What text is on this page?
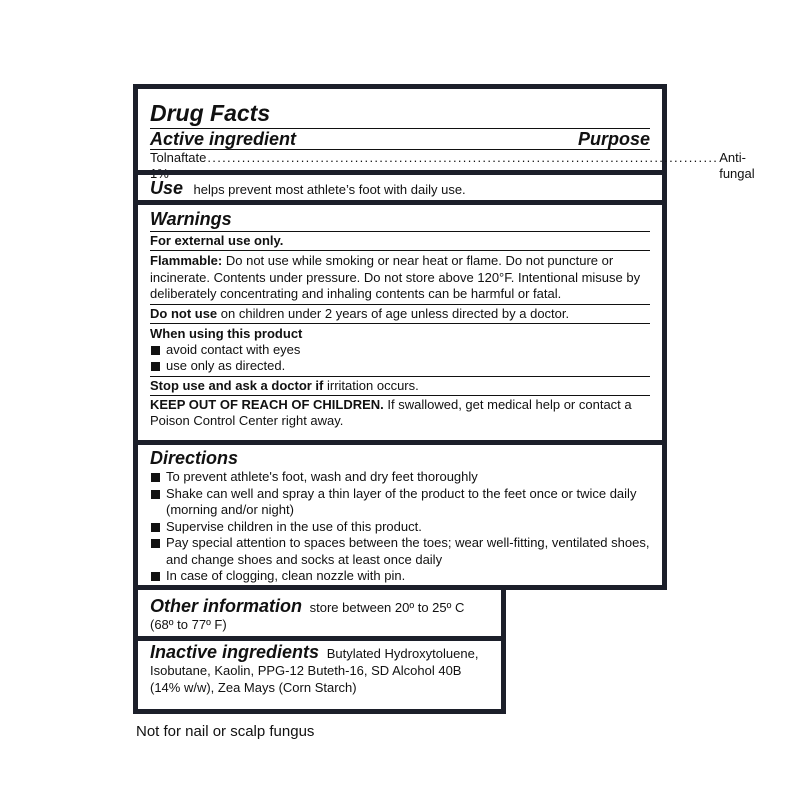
Drug Facts
Active ingredient	Purpose
Tolnaftate ........................................................................................................ Anti-fungal
Use helps prevent most athlete’s foot with daily use.
Warnings
For external use only.
Flammable: Do not use while smoking or near heat or flame. Do not puncture or incinerate. Contents under pressure. Do not store above 120°F. Intentional misuse by deliberately concentrating and inhaling contents can be harmful or fatal.
Do not use on children under 2 years of age unless directed by a doctor.
When using this product
avoid contact with eyes
use only as directed.
Stop use and ask a doctor if irritation occurs.
KEEP OUT OF REACH OF CHILDREN. If swallowed, get medical help or contact a Poison Control Center right away.
Directions
To prevent athlete's foot, wash and dry feet thoroughly
Shake can well and spray a thin layer of the product to the feet once or twice daily (morning and/or night)
Supervise children in the use of this product.
Pay special attention to spaces between the toes; wear well-fitting, ventilated shoes, and change shoes and socks at least once daily
In case of clogging, clean nozzle with pin.
Other information store between 20º to 25º C (68º to 77º F)
Inactive ingredients Butylated Hydroxytoluene, Isobutane, Kaolin, PPG-12 Buteth-16, SD Alcohol 40B (14% w/w), Zea Mays (Corn Starch)
Not for nail or scalp fungus
